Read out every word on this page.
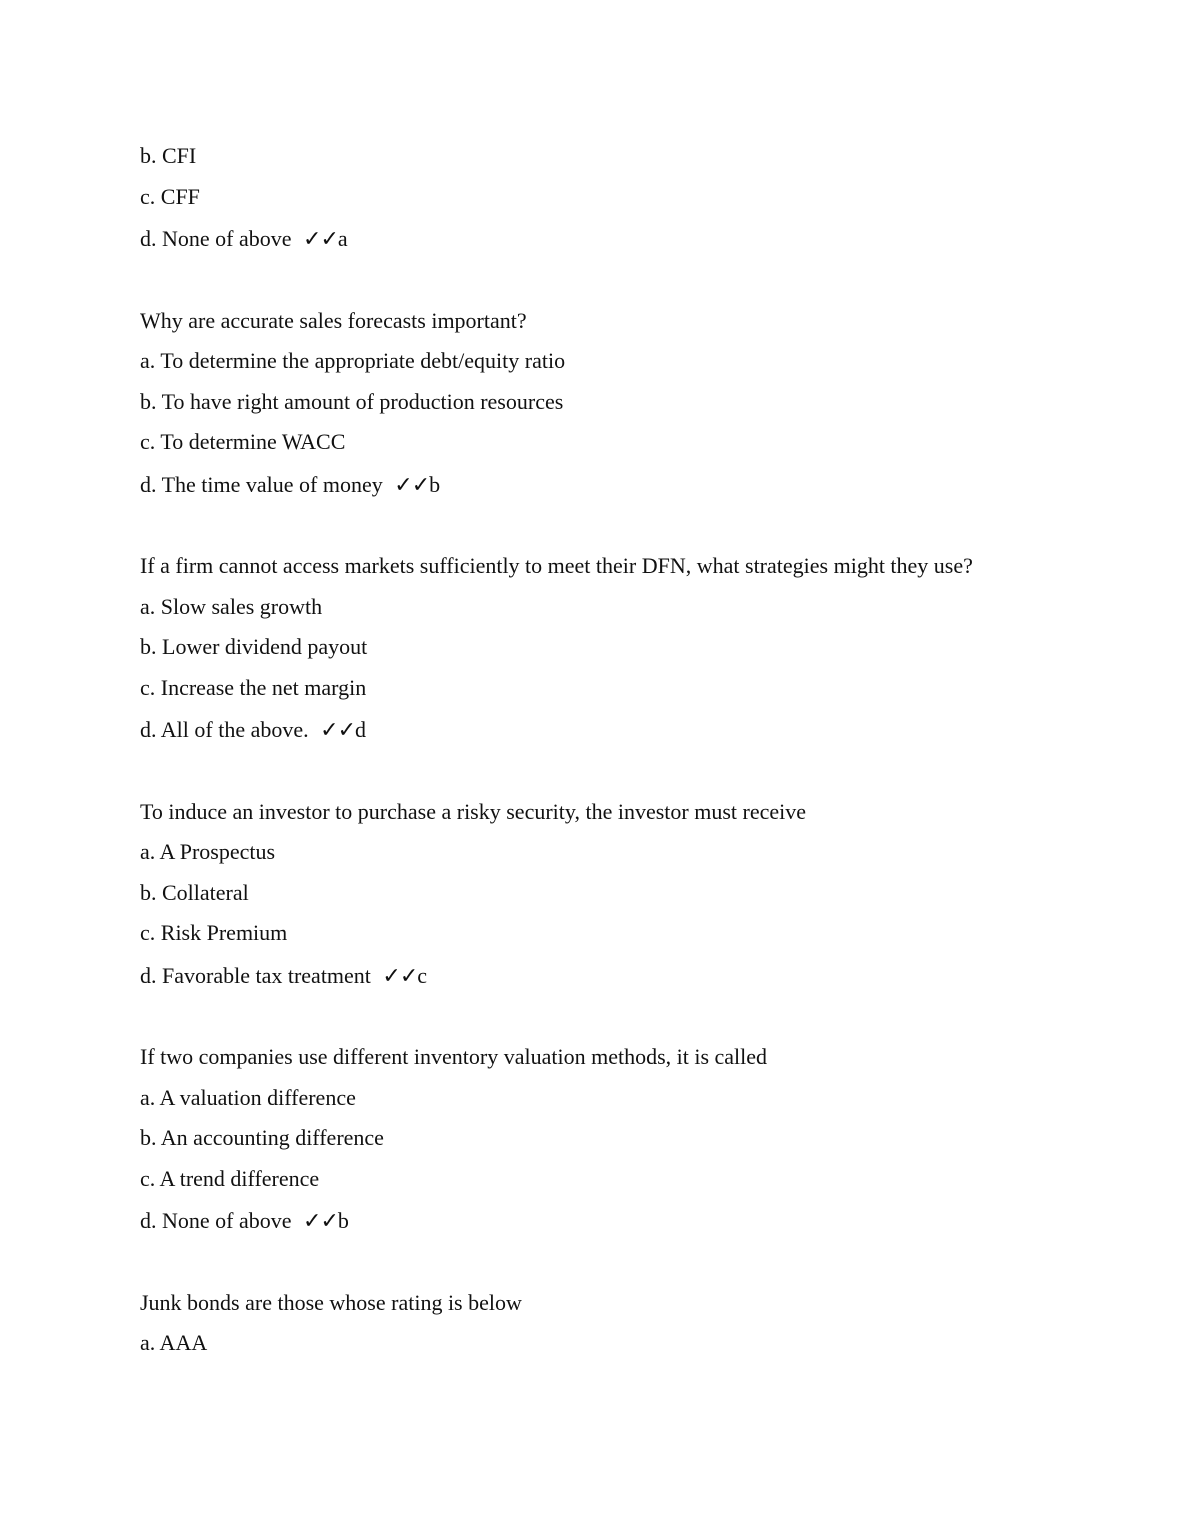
b. CFI
c. CFF
d. None of above ✓✓a
Why are accurate sales forecasts important?
a. To determine the appropriate debt/equity ratio
b. To have right amount of production resources
c. To determine WACC
d. The time value of money ✓✓b
If a firm cannot access markets sufficiently to meet their DFN, what strategies might they use?
a. Slow sales growth
b. Lower dividend payout
c. Increase the net margin
d. All of the above. ✓✓d
To induce an investor to purchase a risky security, the investor must receive
a. A Prospectus
b. Collateral
c. Risk Premium
d. Favorable tax treatment ✓✓c
If two companies use different inventory valuation methods, it is called
a. A valuation difference
b. An accounting difference
c. A trend difference
d. None of above ✓✓b
Junk bonds are those whose rating is below
a. AAA
